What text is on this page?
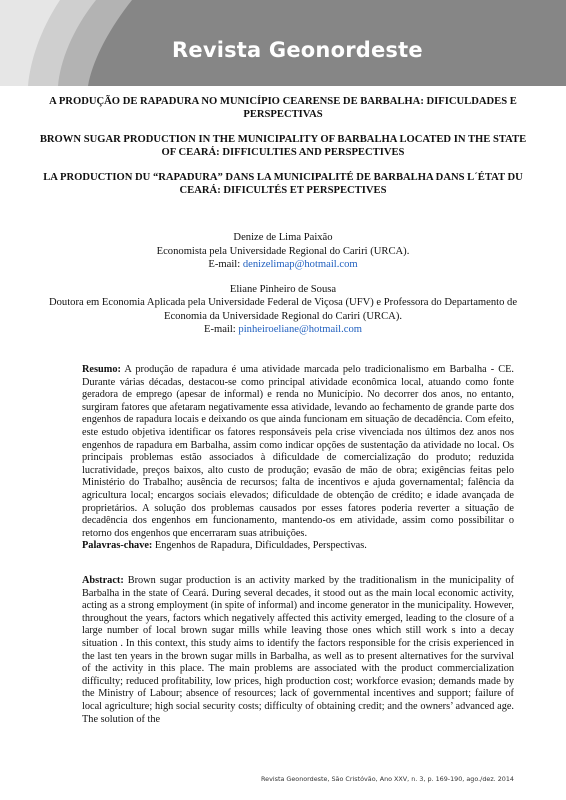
Revista Geonordeste

A PRODUÇÃO DE RAPADURA NO MUNICÍPIO CEARENSE DE BARBALHA: DIFICULDADES E PERSPECTIVAS

BROWN SUGAR PRODUCTION IN THE MUNICIPALITY OF BARBALHA LOCATED IN THE STATE OF CEARÁ: DIFFICULTIES AND PERSPECTIVES

LA PRODUCTION DU “RAPADURA” DANS LA MUNICIPALITÉ DE BARBALHA DANS L´ÉTAT DU CEARÁ: DIFICULTÉS ET PERSPECTIVES

Denize de Lima Paixão
Economista pela Universidade Regional do Cariri (URCA).
E-mail: denizelimap@hotmail.com

Eliane Pinheiro de Sousa
Doutora em Economia Aplicada pela Universidade Federal de Viçosa (UFV) e Professora do Departamento de Economia da Universidade Regional do Cariri (URCA).
E-mail: pinheiroeliane@hotmail.com

Resumo: A produção de rapadura é uma atividade marcada pelo tradicionalismo em Barbalha - CE. Durante várias décadas, destacou-se como principal atividade econômica local, atuando como fonte geradora de emprego (apesar de informal) e renda no Município. No decorrer dos anos, no entanto, surgiram fatores que afetaram negativamente essa atividade, levando ao fechamento de grande parte dos engenhos de rapadura locais e deixando os que ainda funcionam em situação de decadência. Com efeito, este estudo objetiva identificar os fatores responsáveis pela crise vivenciada nos últimos dez anos nos engenhos de rapadura em Barbalha, assim como indicar opções de sustentação da atividade no local. Os principais problemas estão associados à dificuldade de comercialização do produto; reduzida lucratividade, preços baixos, alto custo de produção; evasão de mão de obra; exigências feitas pelo Ministério do Trabalho; ausência de recursos; falta de incentivos e ajuda governamental; falência da agricultura local; encargos sociais elevados; dificuldade de obtenção de crédito; e idade avançada de proprietários. A solução dos problemas causados por esses fatores poderia reverter a situação de decadência dos engenhos em funcionamento, mantendo-os em atividade, assim como possibilitar o retorno dos engenhos que encerraram suas atribuições.
Palavras-chave: Engenhos de Rapadura, Dificuldades, Perspectivas.
Abstract: Brown sugar production is an activity marked by the traditionalism in the municipality of Barbalha in the state of Ceará. During several decades, it stood out as the main local economic activity, acting as a strong employment (in spite of informal) and income generator in the municipality. However, throughout the years, factors which negatively affected this activity emerged, leading to the closure of a large number of local brown sugar mills while leaving those ones which still work s into a decay situation . In this context, this study aims to identify the factors responsible for the crisis experienced in the last ten years in the brown sugar mills in Barbalha, as well as to present alternatives for the survival of the activity in this place. The main problems are associated with the product commercialization difficulty; reduced profitability, low prices, high production cost; workforce evasion; demands made by the Ministry of Labour; absence of resources; lack of governmental incentives and support; failure of local agriculture; high social security costs; difficulty of obtaining credit; and the owners’ advanced age. The solution of the
Revista Geonordeste, São Cristóvão, Ano XXV, n. 3, p. 169-190, ago./dez. 2014
